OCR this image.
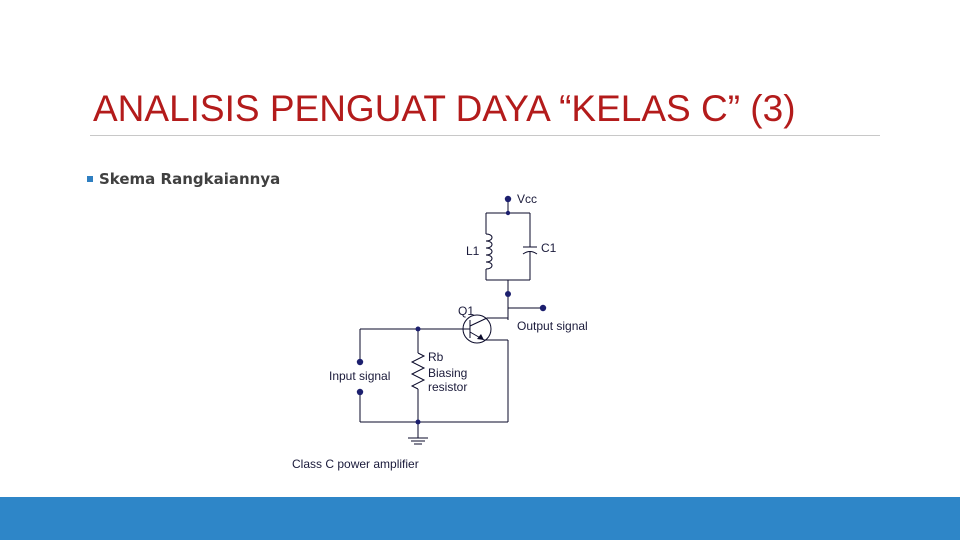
ANALISIS PENGUAT DAYA “KELAS C” (3)
Skema Rangkaiannya
Vcc
L1	C1
Q1
Output signal
Rb
Biasing
resistor
Input signal
Class C power amplifier
